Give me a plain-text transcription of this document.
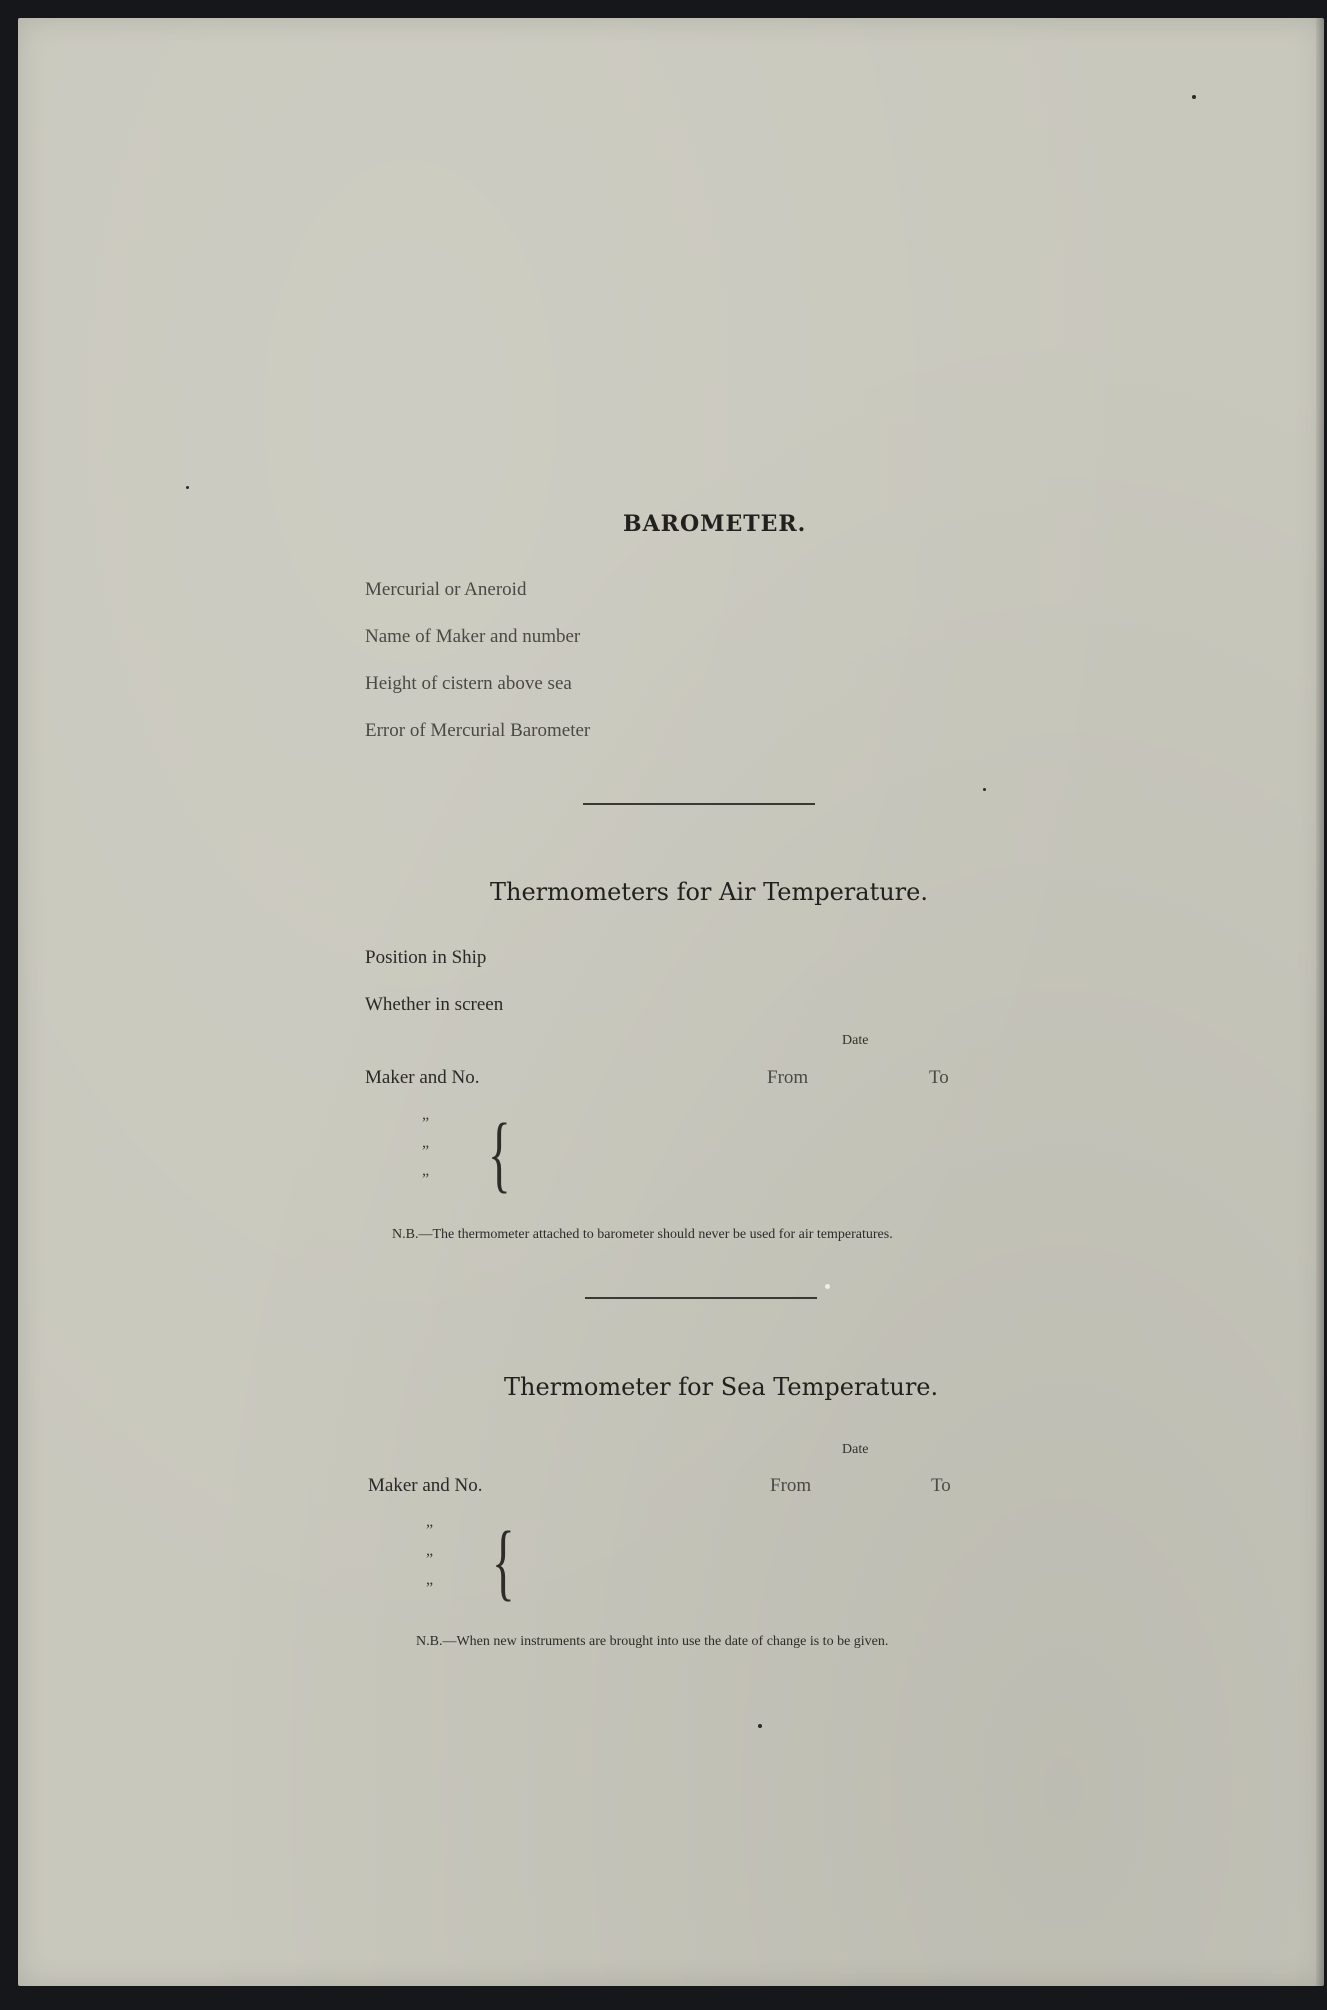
BAROMETER.
Mercurial or Aneroid
Name of Maker and number
Height of cistern above sea
Error of Mercurial Barometer
Thermometers for Air Temperature.
Position in Ship
Whether in screen
Date
Maker and No.	From	To
”
”
” {
N.B.—The thermometer attached to barometer should never be used for air temperatures.
Thermometer for Sea Temperature.
Date
Maker and No.	From	To
”
”
” {
N.B.—When new instruments are brought into use the date of change is to be given.
